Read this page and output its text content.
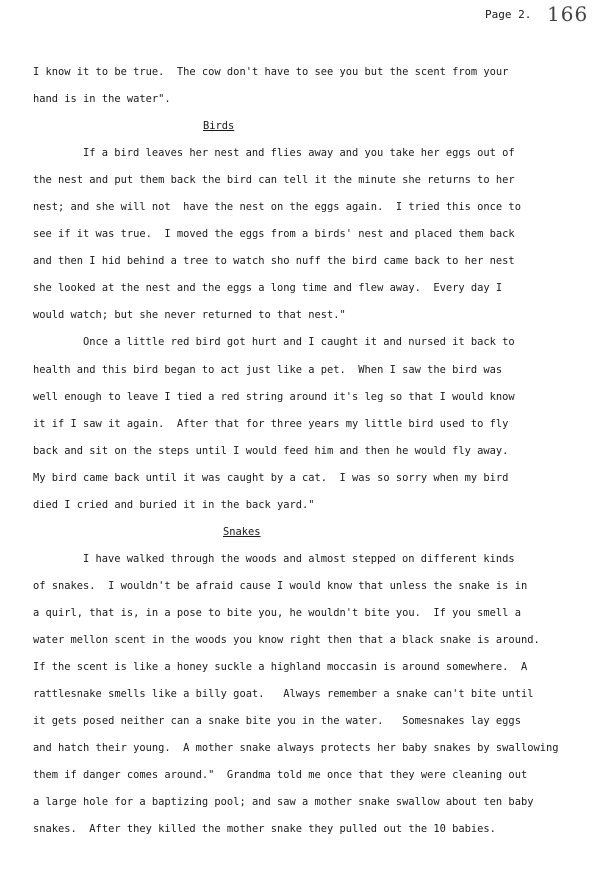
Page 2. 166
I know it to be true.  The cow don't have to see you but the scent from your
hand is in the water".
Birds
If a bird leaves her nest and flies away and you take her eggs out of
the nest and put them back the bird can tell it the minute she returns to her
nest; and she will not  have the nest on the eggs again.  I tried this once to
see if it was true.  I moved the eggs from a birds' nest and placed them back
and then I hid behind a tree to watch sho nuff the bird came back to her nest
she looked at the nest and the eggs a long time and flew away.  Every day I
would watch; but she never returned to that nest."
Once a little red bird got hurt and I caught it and nursed it back to
health and this bird began to act just like a pet.  When I saw the bird was
well enough to leave I tied a red string around it's leg so that I would know
it if I saw it again.  After that for three years my little bird used to fly
back and sit on the steps until I would feed him and then he would fly away.
My bird came back until it was caught by a cat.  I was so sorry when my bird
died I cried and buried it in the back yard."
Snakes
I have walked through the woods and almost stepped on different kinds
of snakes.  I wouldn't be afraid cause I would know that unless the snake is in
a quirl, that is, in a pose to bite you, he wouldn't bite you.  If you smell a
water mellon scent in the woods you know right then that a black snake is around.
If the scent is like a honey suckle a highland moccasin is around somewhere.  A
rattlesnake smells like a billy goat.   Always remember a snake can't bite until
it gets posed neither can a snake bite you in the water.   Somesnakes lay eggs
and hatch their young.  A mother snake always protects her baby snakes by swallowing
them if danger comes around."  Grandma told me once that they were cleaning out
a large hole for a baptizing pool; and saw a mother snake swallow about ten baby
snakes.  After they killed the mother snake they pulled out the 10 babies.
